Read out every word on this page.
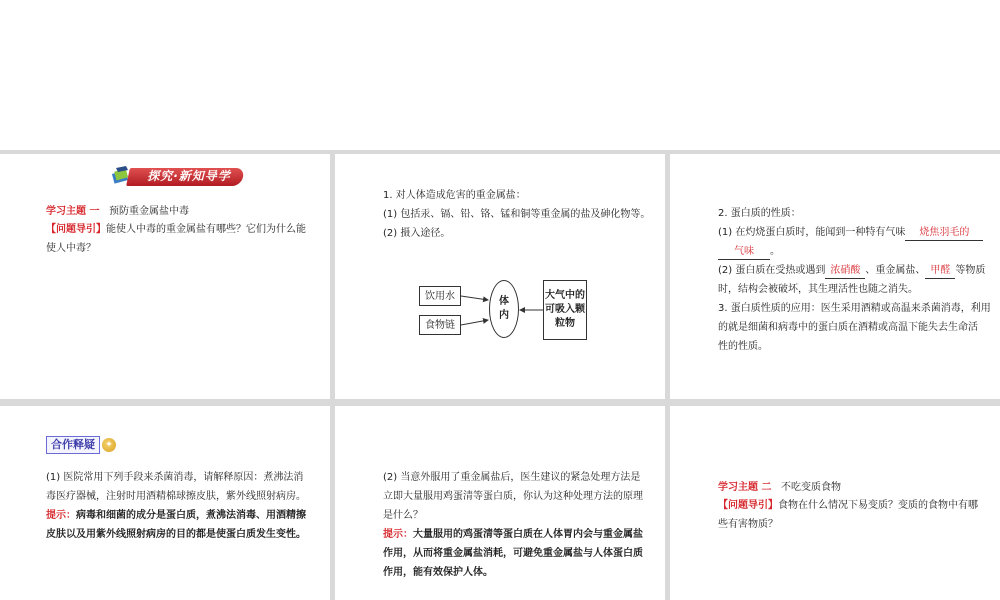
探究·新知导学
学习主题 一 预防重金属盐中毒
【问题导引】能使人中毒的重金属盐有哪些？它们为什么能
使人中毒？
1. 对人体造成危害的重金属盐：
(1) 包括汞、镉、铅、铬、锰和铜等重金属的盐及砷化物等。
(2) 摄入途径。
饮用水
食物链
体
内
大气中的
可吸入颗
粒物
2. 蛋白质的性质：
(1) 在灼烧蛋白质时，能闻到一种特有气味 烧焦羽毛的
气味 。
(2) 蛋白质在受热或遇到 浓硝酸 、重金属盐、 甲醛 等物质
时，结构会被破坏，其生理活性也随之消失。
3. 蛋白质性质的应用：医生采用酒精或高温来杀菌消毒，利用
的就是细菌和病毒中的蛋白质在酒精或高温下能失去生命活
性的性质。
合作释疑	✦
(1) 医院常用下列手段来杀菌消毒，请解释原因：煮沸法消
毒医疗器械，注射时用酒精棉球擦皮肤，紫外线照射病房。
提示：病毒和细菌的成分是蛋白质，煮沸法消毒、用酒精擦
皮肤以及用紫外线照射病房的目的都是使蛋白质发生变性。
(2) 当意外服用了重金属盐后，医生建议的紧急处理方法是
立即大量服用鸡蛋清等蛋白质，你认为这种处理方法的原理
是什么？
提示：大量服用的鸡蛋清等蛋白质在人体胃内会与重金属盐
作用，从而将重金属盐消耗，可避免重金属盐与人体蛋白质
作用，能有效保护人体。
学习主题 二 不吃变质食物
【问题导引】食物在什么情况下易变质？变质的食物中有哪
些有害物质？
